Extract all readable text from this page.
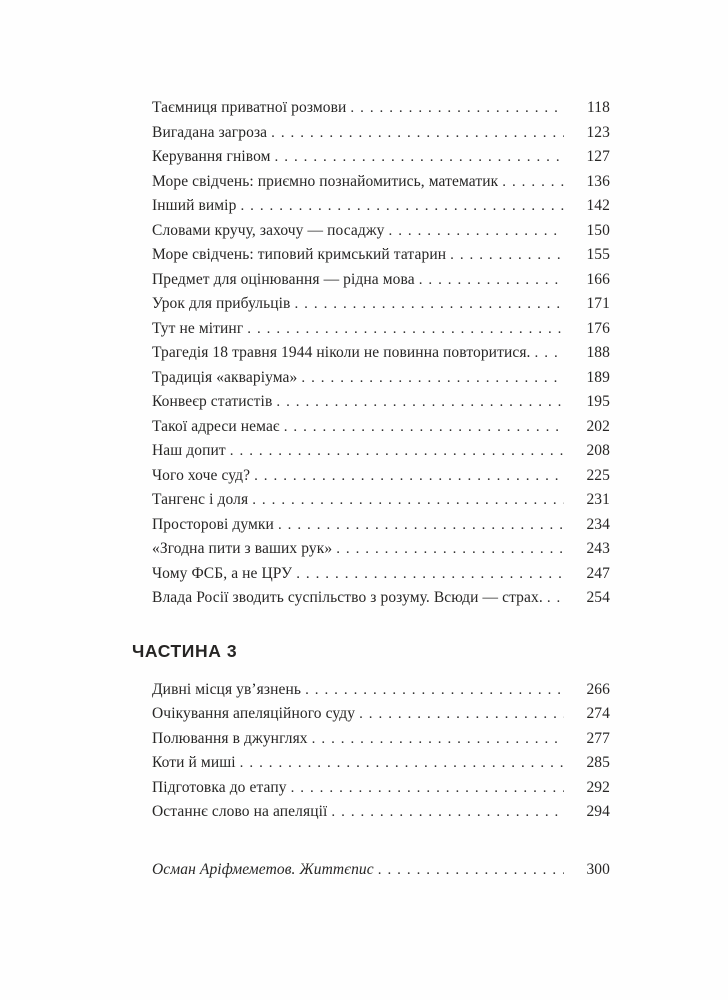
Таємниця приватної розмови . . .	118
Вигадана загроза . . .	123
Керування гнівом . . .	127
Море свідчень: приємно познайомитись, математик . . .	136
Інший вимір . . .	142
Словами кручу, захочу — посаджу . . .	150
Море свідчень: типовий кримський татарин . . .	155
Предмет для оцінювання — рідна мова . . .	166
Урок для прибульців . . .	171
Тут не мітинг . . .	176
Трагедія 18 травня 1944 ніколи не повинна повторитися. . . .	188
Традиція «акваріума» . . .	189
Конвеєр статистів . . .	195
Такої адреси немає . . .	202
Наш допит . . .	208
Чого хоче суд? . . .	225
Тангенс і доля . . .	231
Просторові думки . . .	234
«Згодна пити з ваших рук» . . .	243
Чому ФСБ, а не ЦРУ . . .	247
Влада Росії зводить суспільство з розуму. Всюди — страх. . . .	254
ЧАСТИНА 3
Дивні місця ув’язнень . . .	266
Очікування апеляційного суду . . .	274
Полювання в джунглях . . .	277
Коти й миші . . .	285
Підготовка до етапу . . .	292
Останнє слово на апеляції . . .	294
Осман Аріфмеметов. Життєпис . . .	300
